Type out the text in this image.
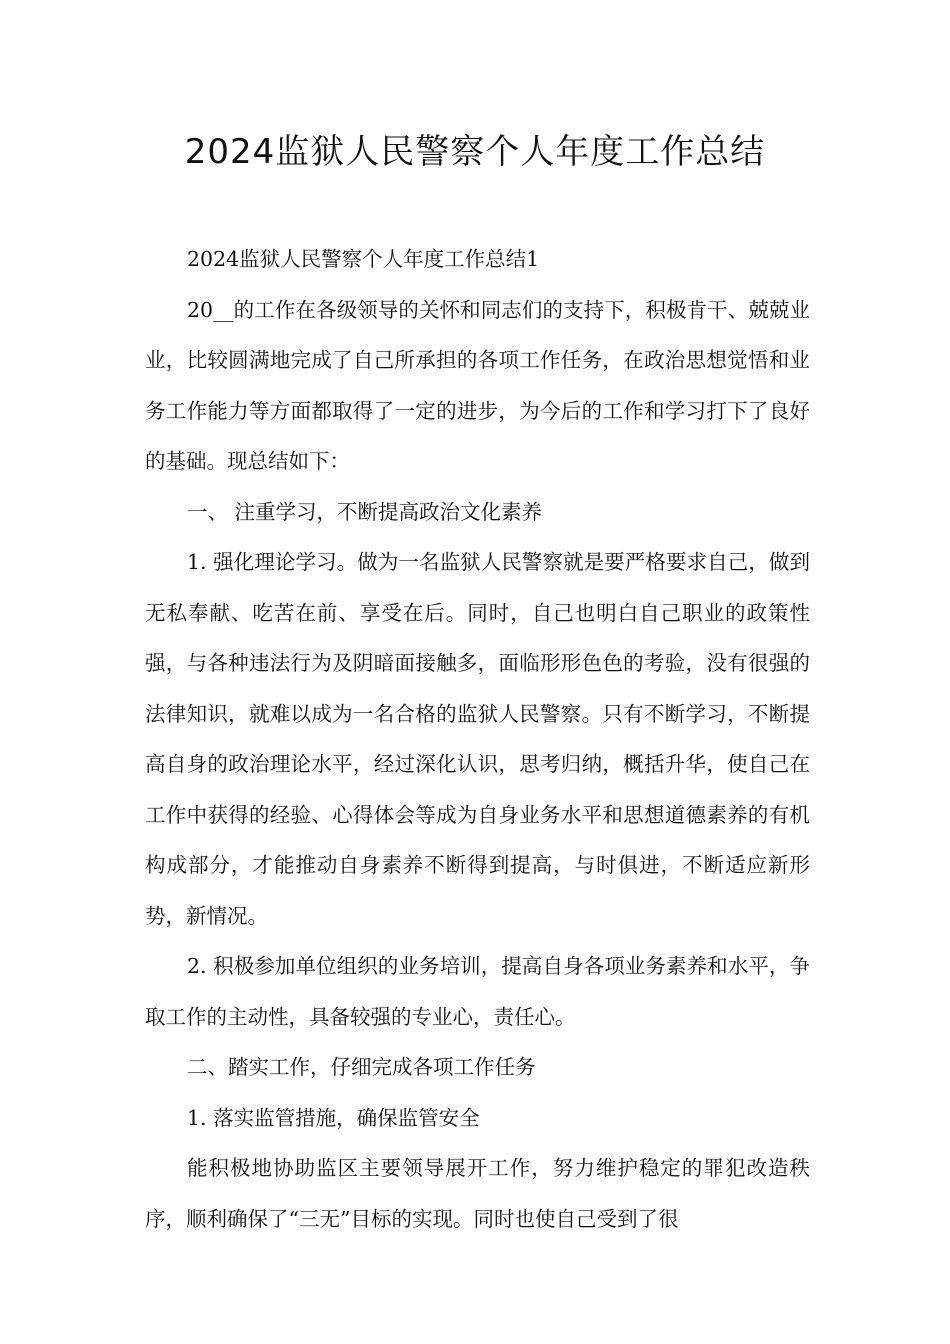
2024监狱人民警察个人年度工作总结

2024监狱人民警察个人年度工作总结1

20__的工作在各级领导的关怀和同志们的支持下，积极肯干、兢兢业业，比较圆满地完成了自己所承担的各项工作任务，在政治思想觉悟和业务工作能力等方面都取得了一定的进步，为今后的工作和学习打下了良好的基础。现总结如下：

一、 注重学习，不断提高政治文化素养

1. 强化理论学习。做为一名监狱人民警察就是要严格要求自己，做到无私奉献、吃苦在前、享受在后。同时，自己也明白自己职业的政策性强，与各种违法行为及阴暗面接触多，面临形形色色的考验，没有很强的法律知识，就难以成为一名合格的监狱人民警察。只有不断学习，不断提高自身的政治理论水平，经过深化认识，思考归纳，概括升华，使自己在工作中获得的经验、心得体会等成为自身业务水平和思想道德素养的有机构成部分，才能推动自身素养不断得到提高，与时俱进，不断适应新形势，新情况。

2. 积极参加单位组织的业务培训，提高自身各项业务素养和水平，争取工作的主动性，具备较强的专业心，责任心。

二、踏实工作，仔细完成各项工作任务

1. 落实监管措施，确保监管安全

能积极地协助监区主要领导展开工作，努力维护稳定的罪犯改造秩序，顺利确保了“三无”目标的实现。同时也使自己受到了很
